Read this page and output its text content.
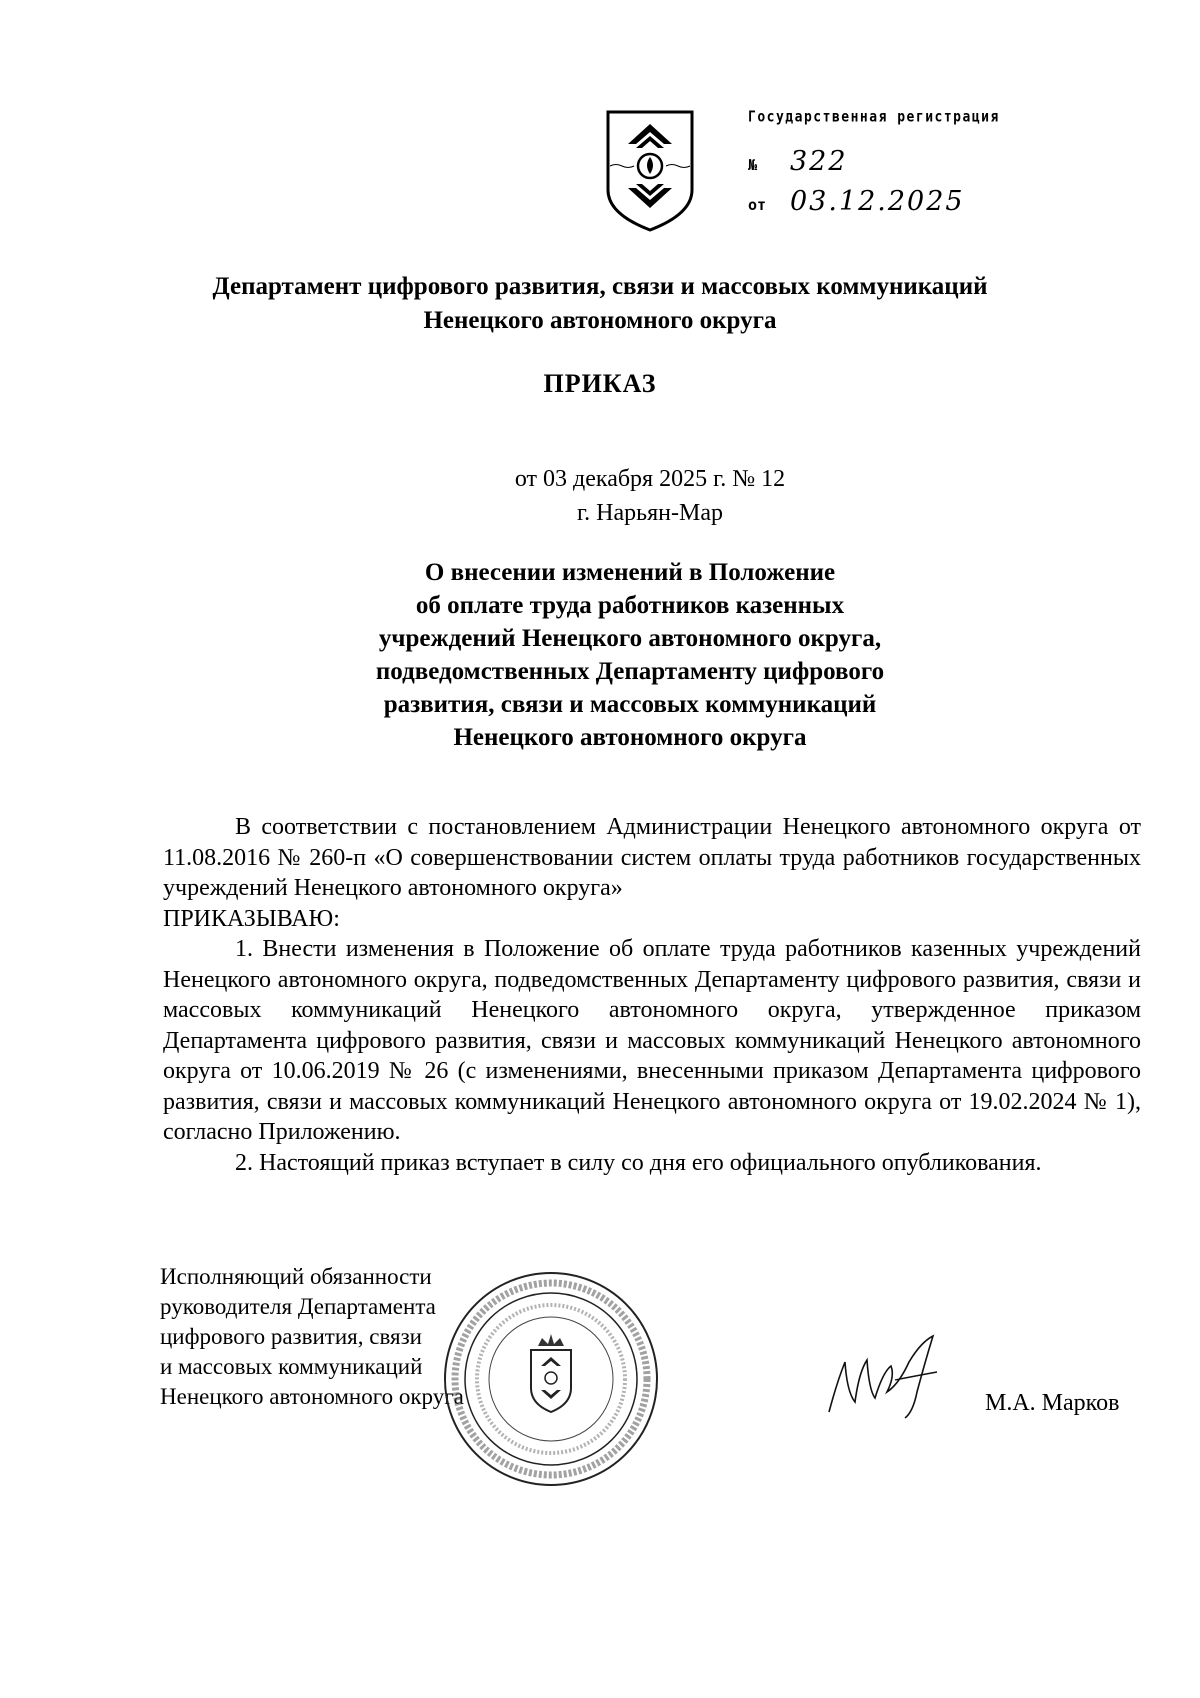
Государственная регистрация
№ 322
от 03.12.2025
Департамент цифрового развития, связи и массовых коммуникаций
Ненецкого автономного округа
ПРИКАЗ
от 03 декабря 2025 г. № 12
г. Нарьян-Мар
О внесении изменений в Положение
об оплате труда работников казенных
учреждений Ненецкого автономного округа,
подведомственных Департаменту цифрового
развития, связи и массовых коммуникаций
Ненецкого автономного округа

В соответствии с постановлением Администрации Ненецкого автономного округа от 11.08.2016 № 260-п «О совершенствовании систем оплаты труда работников государственных учреждений Ненецкого автономного округа»

ПРИКАЗЫВАЮ:

1. Внести изменения в Положение об оплате труда работников казенных учреждений Ненецкого автономного округа, подведомственных Департаменту цифрового развития, связи и массовых коммуникаций Ненецкого автономного округа, утвержденное приказом Департамента цифрового развития, связи и массовых коммуникаций Ненецкого автономного округа от 10.06.2019 № 26 (с изменениями, внесенными приказом Департамента цифрового развития, связи и массовых коммуникаций Ненецкого автономного округа от 19.02.2024 № 1), согласно Приложению.

2. Настоящий приказ вступает в силу со дня его официального опубликования.

Исполняющий обязанности
руководителя Департамента
цифрового развития, связи
и массовых коммуникаций
Ненецкого автономного округа	М.А. Марков
